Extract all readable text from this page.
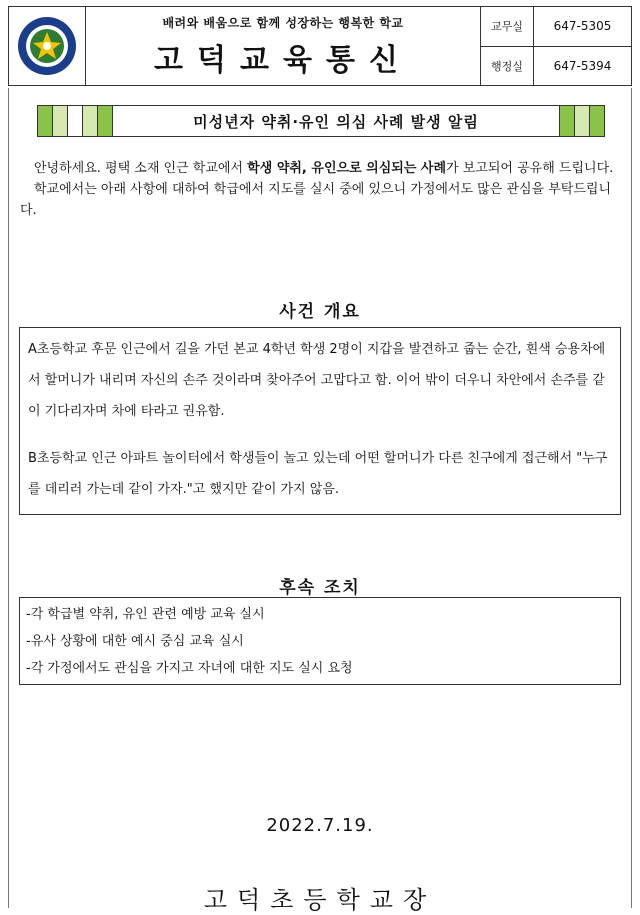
배려와 배움으로 함께 성장하는 행복한 학교
고덕교육통신
교무실	647-5305
행정실	647-5394
미성년자 약취·유인 의심 사례 발생 알림

안녕하세요. 평택 소재 인근 학교에서 학생 약취, 유인으로 의심되는 사례가 보고되어 공유해 드립니다.

학교에서는 아래 사항에 대하여 학급에서 지도를 실시 중에 있으니 가정에서도 많은 관심을 부탁드립니다.

사건 개요
A초등학교 후문 인근에서 길을 가던 본교 4학년 학생 2명이 지갑을 발견하고 줍는 순간, 흰색 승용차에서 할머니가 내리며 자신의 손주 것이라며 찾아주어 고맙다고 함. 이어 밖이 더우니 차안에서 손주를 같이 기다리자며 차에 타라고 권유함.
B초등학교 인근 아파트 놀이터에서 학생들이 놀고 있는데 어떤 할머니가 다른 친구에게 접근해서 "누구를 데리러 가는데 같이 가자."고 했지만 같이 가지 않음.
후속 조치
-각 학급별 약취, 유인 관련 예방 교육 실시
-유사 상황에 대한 예시 중심 교육 실시
-각 가정에서도 관심을 가지고 자녀에 대한 지도 실시 요청
2022.7.19.
고덕초등학교장
